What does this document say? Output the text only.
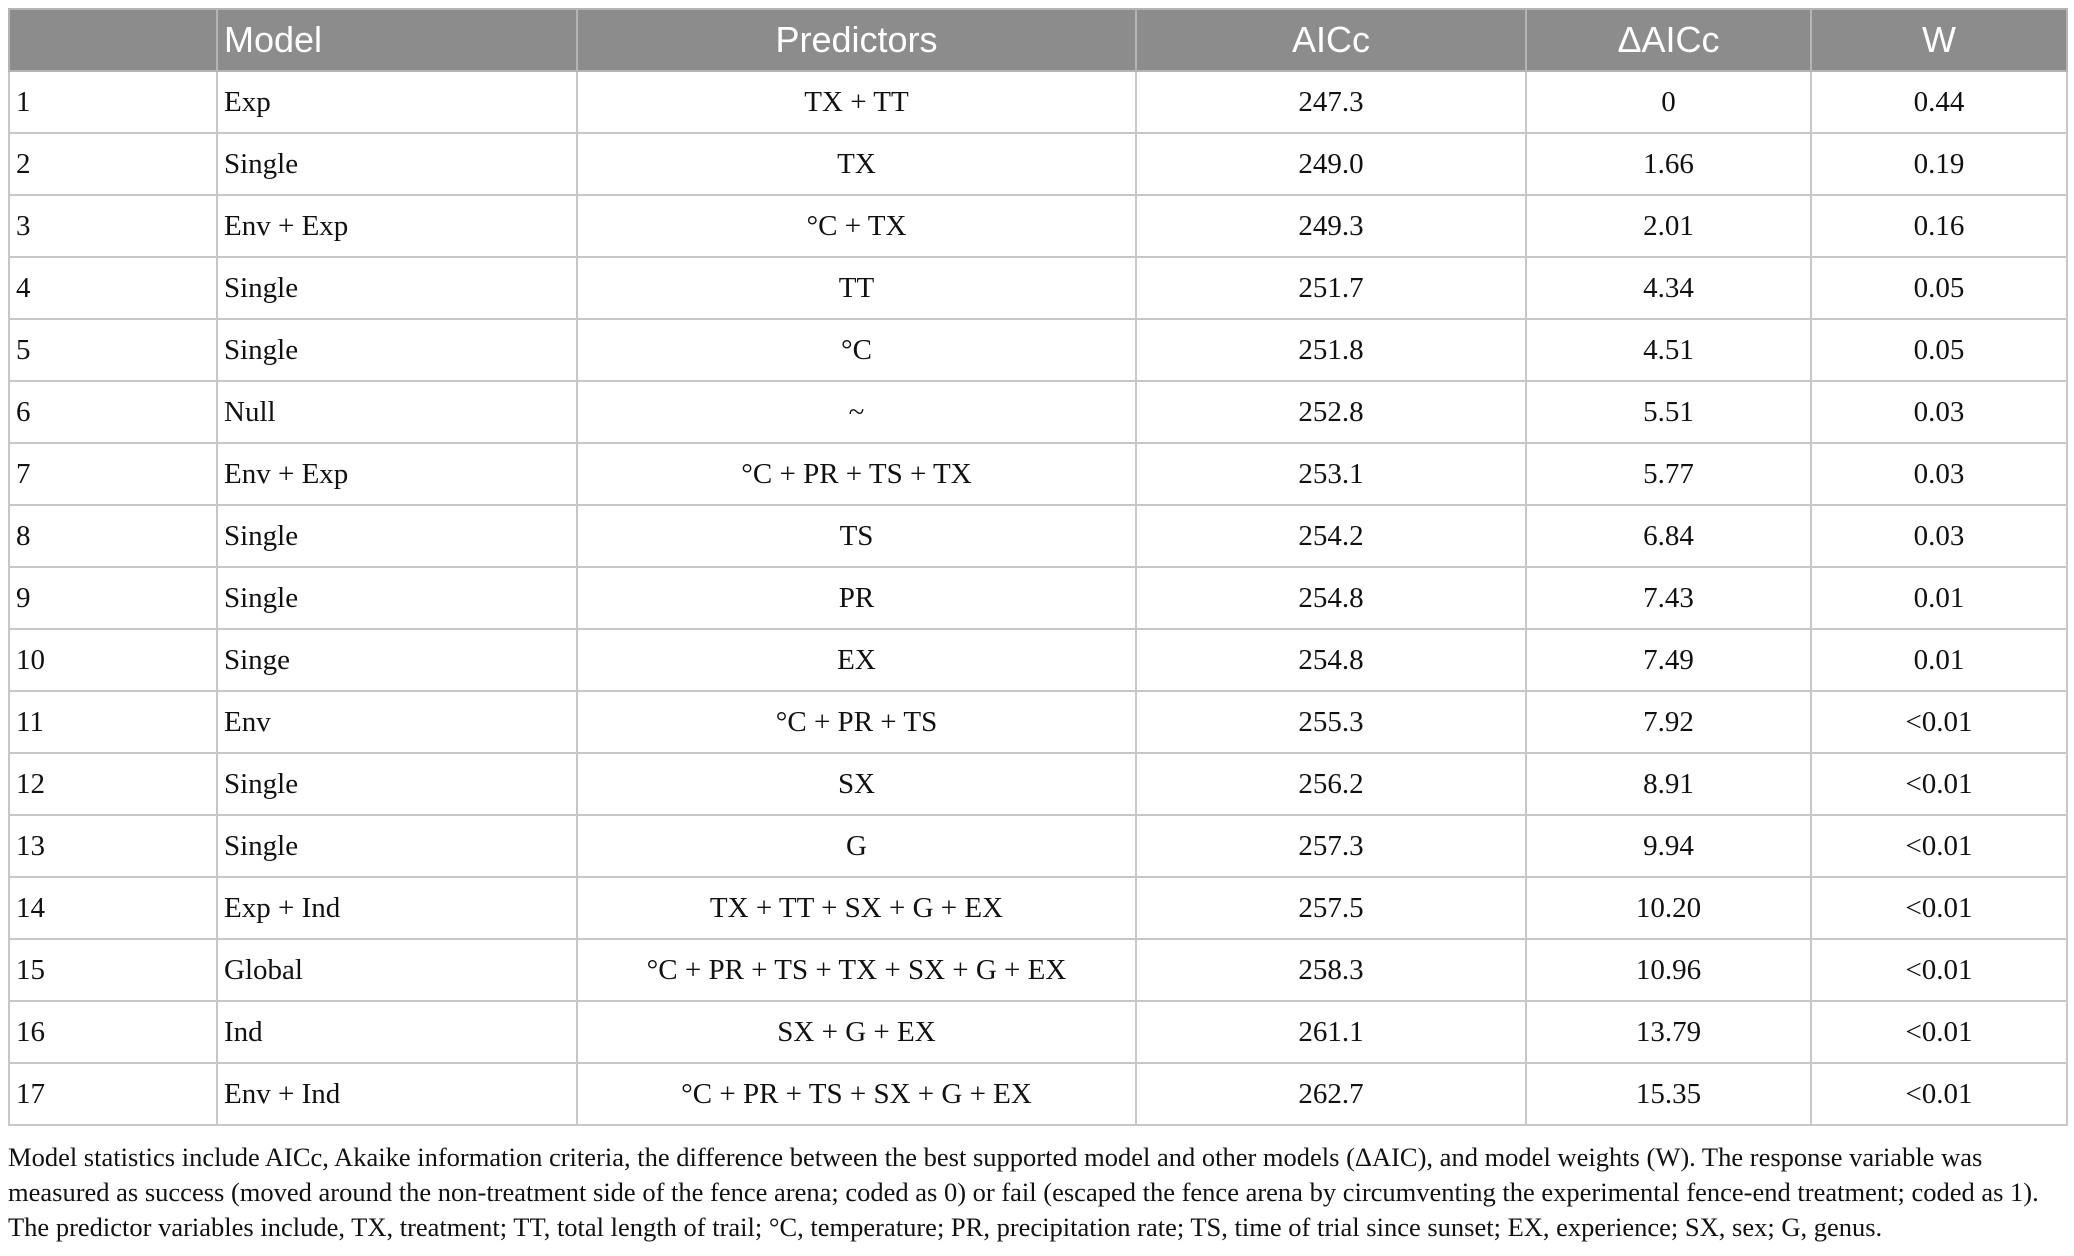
	Model	Predictors	AICc	ΔAICc	W
1	Exp	TX + TT	247.3	0	0.44
2	Single	TX	249.0	1.66	0.19
3	Env + Exp	°C + TX	249.3	2.01	0.16
4	Single	TT	251.7	4.34	0.05
5	Single	°C	251.8	4.51	0.05
6	Null	~	252.8	5.51	0.03
7	Env + Exp	°C + PR + TS + TX	253.1	5.77	0.03
8	Single	TS	254.2	6.84	0.03
9	Single	PR	254.8	7.43	0.01
10	Singe	EX	254.8	7.49	0.01
11	Env	°C + PR + TS	255.3	7.92	<0.01
12	Single	SX	256.2	8.91	<0.01
13	Single	G	257.3	9.94	<0.01
14	Exp + Ind	TX + TT + SX + G + EX	257.5	10.20	<0.01
15	Global	°C + PR + TS + TX + SX + G + EX	258.3	10.96	<0.01
16	Ind	SX + G + EX	261.1	13.79	<0.01
17	Env + Ind	°C + PR + TS + SX + G + EX	262.7	15.35	<0.01
Model statistics include AICc, Akaike information criteria, the difference between the best supported model and other models (ΔAIC), and model weights (W). The response variable was
measured as success (moved around the non-treatment side of the fence arena; coded as 0) or fail (escaped the fence arena by circumventing the experimental fence-end treatment; coded as 1).
The predictor variables include, TX, treatment; TT, total length of trail; °C, temperature; PR, precipitation rate; TS, time of trial since sunset; EX, experience; SX, sex; G, genus.
